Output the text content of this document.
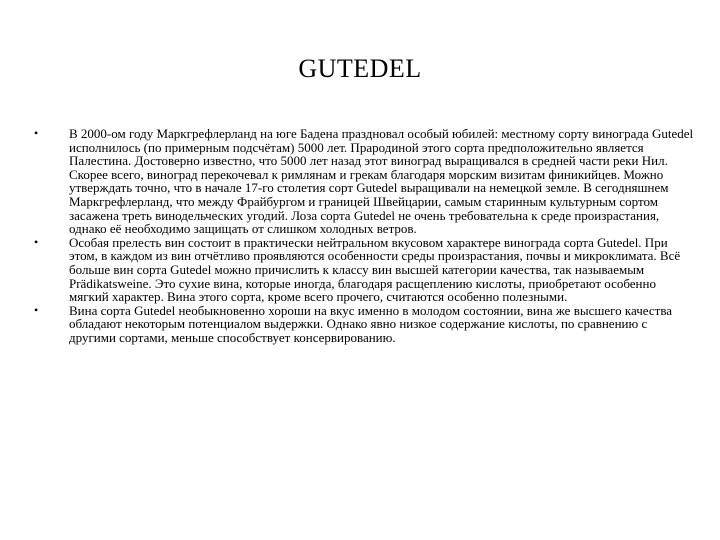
GUTEDEL
•	В 2000-ом году Маркгрефлерланд на юге Бадена праздновал особый юбилей: местному сорту винограда Gutedel исполнилось (по примерным подсчётам) 5000 лет. Прародиной этого сорта предположительно является Палестина. Достоверно известно, что 5000 лет назад этот виноград выращивался в средней части реки Нил. Скорее всего, виноград перекочевал к римлянам и грекам благодаря морским визитам финикийцев. Можно утверждать точно, что в начале 17-го столетия сорт Gutedel выращивали на немецкой земле. В сегодняшнем Маркгрефлерланд, что между Фрайбургом и границей Швейцарии, самым старинным культурным сортом засажена треть винодельческих угодий. Лоза сорта Gutedel не очень требовательна к среде произрастания, однако её необходимо защищать от слишком холодных ветров.
•	Особая прелесть вин состоит в практически нейтральном вкусовом характере винограда сорта Gutedel. При этом, в каждом из вин отчётливо проявляются особенности среды произрастания, почвы и микроклимата. Всё больше вин сорта Gutedel можно причислить к классу вин высшей категории качества, так называемым Prädikatsweine. Это сухие вина, которые иногда, благодаря расщеплению кислоты, приобретают особенно мягкий характер. Вина этого сорта, кроме всего прочего, считаются особенно полезными.
•	Вина сорта Gutedel необыкновенно хороши на вкус именно в молодом состоянии, вина же высшего качества обладают некоторым потенциалом выдержки. Однако явно низкое содержание кислоты, по сравнению с другими сортами, меньше способствует консервированию.
